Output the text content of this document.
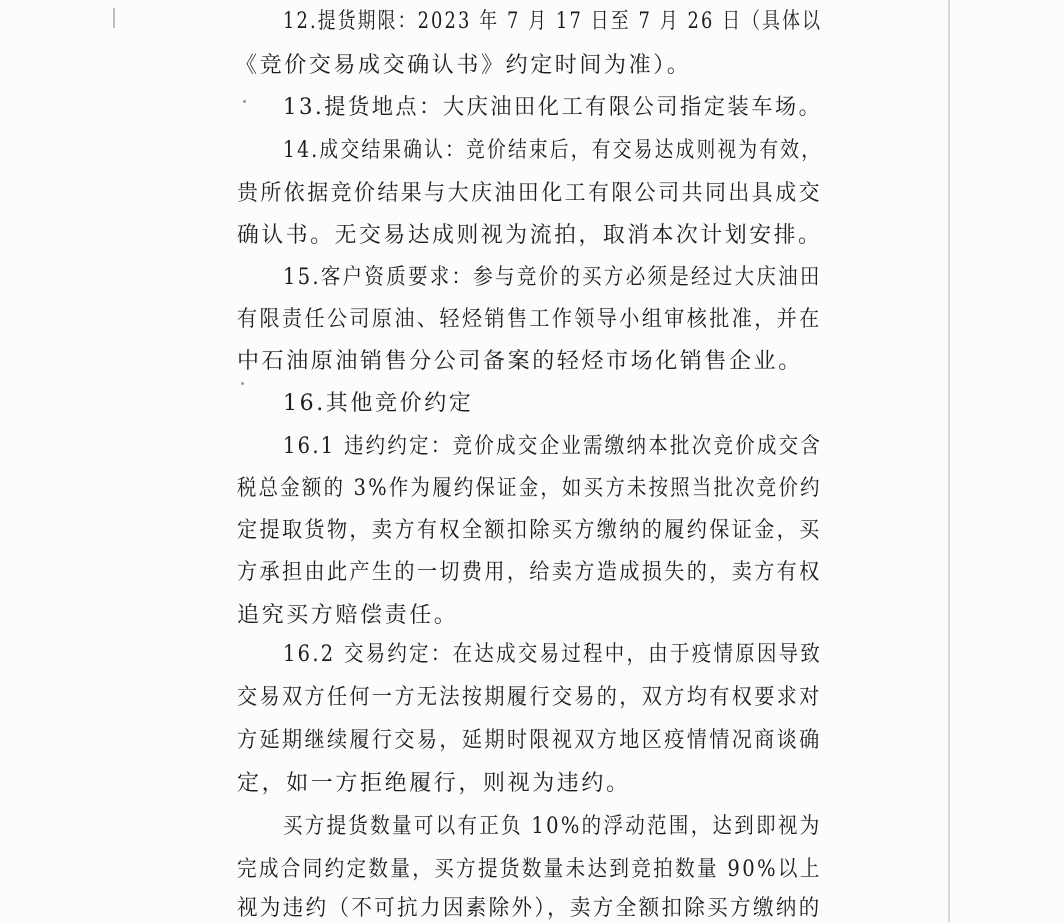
12.提货期限：2023 年 7 月 17 日至 7 月 26 日（具体以
《竞价交易成交确认书》约定时间为准）。
13.提货地点：大庆油田化工有限公司指定装车场。
14.成交结果确认：竞价结束后，有交易达成则视为有效，
贵所依据竞价结果与大庆油田化工有限公司共同出具成交
确认书。无交易达成则视为流拍，取消本次计划安排。
15.客户资质要求：参与竞价的买方必须是经过大庆油田
有限责任公司原油、轻烃销售工作领导小组审核批准，并在
中石油原油销售分公司备案的轻烃市场化销售企业。
16.其他竞价约定
16.1 违约约定：竞价成交企业需缴纳本批次竞价成交含
税总金额的 3%作为履约保证金，如买方未按照当批次竞价约
定提取货物，卖方有权全额扣除买方缴纳的履约保证金，买
方承担由此产生的一切费用，给卖方造成损失的，卖方有权
追究买方赔偿责任。
16.2 交易约定：在达成交易过程中，由于疫情原因导致
交易双方任何一方无法按期履行交易的，双方均有权要求对
方延期继续履行交易，延期时限视双方地区疫情情况商谈确
定，如一方拒绝履行，则视为违约。
买方提货数量可以有正负 10%的浮动范围，达到即视为
完成合同约定数量，买方提货数量未达到竞拍数量 90%以上
视为违约（不可抗力因素除外），卖方全额扣除买方缴纳的
